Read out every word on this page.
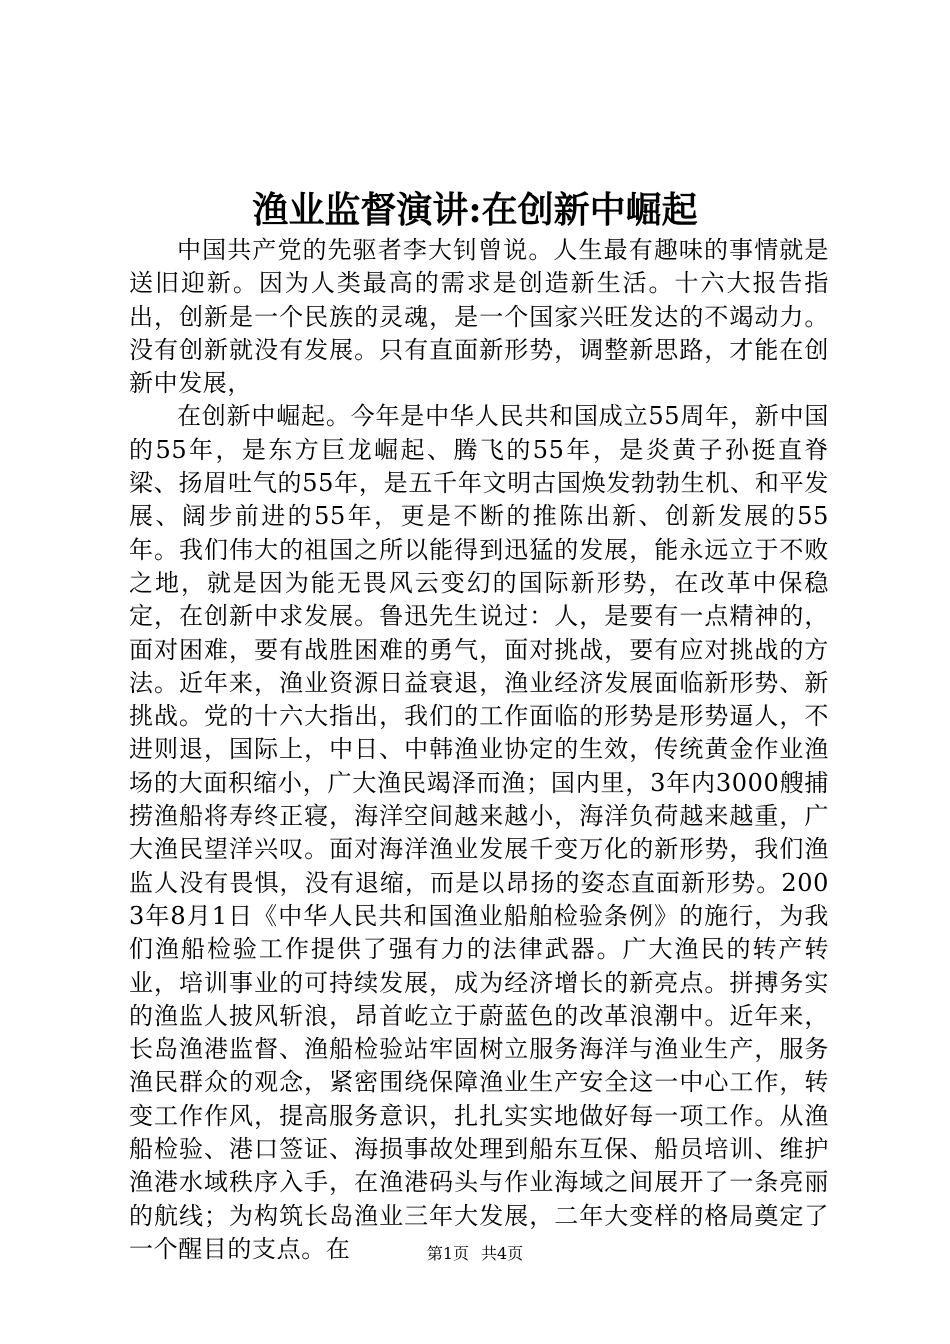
渔业监督演讲:在创新中崛起

中国共产党的先驱者李大钊曾说。人生最有趣味的事情就是送旧迎新。因为人类最高的需求是创造新生活。十六大报告指出，创新是一个民族的灵魂，是一个国家兴旺发达的不竭动力。没有创新就没有发展。只有直面新形势，调整新思路，才能在创新中发展，

在创新中崛起。今年是中华人民共和国成立55周年，新中国的55年，是东方巨龙崛起、腾飞的55年，是炎黄子孙挺直脊梁、扬眉吐气的55年，是五千年文明古国焕发勃勃生机、和平发展、阔步前进的55年，更是不断的推陈出新、创新发展的55年。我们伟大的祖国之所以能得到迅猛的发展，能永远立于不败之地，就是因为能无畏风云变幻的国际新形势，在改革中保稳定，在创新中求发展。鲁迅先生说过：人，是要有一点精神的，面对困难，要有战胜困难的勇气，面对挑战，要有应对挑战的方法。近年来，渔业资源日益衰退，渔业经济发展面临新形势、新挑战。党的十六大指出，我们的工作面临的形势是形势逼人，不进则退，国际上，中日、中韩渔业协定的生效，传统黄金作业渔场的大面积缩小，广大渔民竭泽而渔；国内里，3年内3000艘捕捞渔船将寿终正寝，海洋空间越来越小，海洋负荷越来越重，广大渔民望洋兴叹。面对海洋渔业发展千变万化的新形势，我们渔监人没有畏惧，没有退缩，而是以昂扬的姿态直面新形势。2003年8月1日《中华人民共和国渔业船舶检验条例》的施行，为我们渔船检验工作提供了强有力的法律武器。广大渔民的转产转业，培训事业的可持续发展，成为经济增长的新亮点。拼搏务实的渔监人披风斩浪，昂首屹立于蔚蓝色的改革浪潮中。近年来，长岛渔港监督、渔船检验站牢固树立服务海洋与渔业生产，服务渔民群众的观念，紧密围绕保障渔业生产安全这一中心工作，转变工作作风，提高服务意识，扎扎实实地做好每一项工作。从渔船检验、港口签证、海损事故处理到船东互保、船员培训、维护渔港水域秩序入手，在渔港码头与作业海域之间展开了一条亮丽的航线；为构筑长岛渔业三年大发展，二年大变样的格局奠定了一个醒目的支点。在	第1页 共4页
